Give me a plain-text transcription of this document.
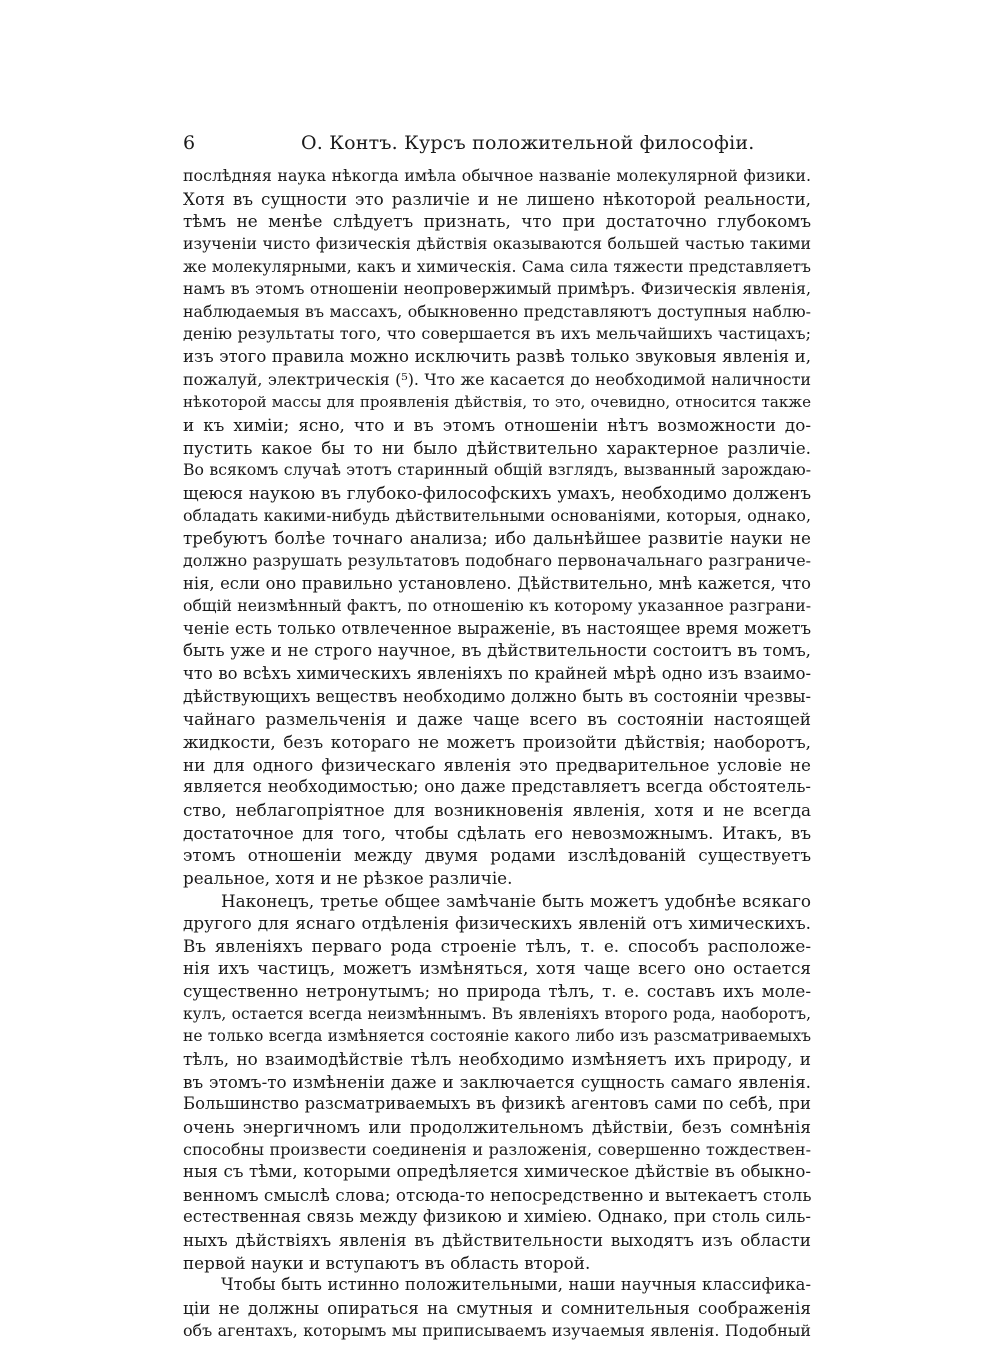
6	О. Контъ. Курсъ положительной философіи.
послѣдняя наука нѣкогда имѣла обычное названіе молекулярной физики.
Хотя въ сущности это различіе и не лишено нѣкоторой реальности,
тѣмъ не менѣе слѣдуетъ признать, что при достаточно глубокомъ
изученіи чисто физическія дѣйствія оказываются большей частью такими
же молекулярными, какъ и химическія. Сама сила тяжести представляетъ
намъ въ этомъ отношеніи неопровержимый примѣръ. Физическія явленія,
наблюдаемыя въ массахъ, обыкновенно представляютъ доступныя наблю-
денію результаты того, что совершается въ ихъ мельчайшихъ частицахъ;
изъ этого правила можно исключить развѣ только звуковыя явленія и,
пожалуй, электрическія (⁵). Что же касается до необходимой наличности
нѣкоторой массы для проявленія дѣйствія, то это, очевидно, относится также
и къ химіи; ясно, что и въ этомъ отношеніи нѣтъ возможности до-
пустить какое бы то ни было дѣйствительно характерное различіе.
Во всякомъ случаѣ этотъ старинный общій взглядъ, вызванный зарождаю-
щеюся наукою въ глубоко-философскихъ умахъ, необходимо долженъ
обладать какими-нибудь дѣйствительными основаніями, которыя, однако,
требуютъ болѣе точнаго анализа; ибо дальнѣйшее развитіе науки не
должно разрушать результатовъ подобнаго первоначальнаго разграниче-
нія, если оно правильно установлено. Дѣйствительно, мнѣ кажется, что
общій неизмѣнный фактъ, по отношенію къ которому указанное разграни-
ченіе есть только отвлеченное выраженіе, въ настоящее время можетъ
быть уже и не строго научное, въ дѣйствительности состоитъ въ томъ,
что во всѣхъ химическихъ явленіяхъ по крайней мѣрѣ одно изъ взаимо-
дѣйствующихъ веществъ необходимо должно быть въ состояніи чрезвы-
чайнаго размельченія и даже чаще всего въ состояніи настоящей
жидкости, безъ котораго не можетъ произойти дѣйствія; наоборотъ,
ни для одного физическаго явленія это предварительное условіе не
является необходимостью; оно даже представляетъ всегда обстоятель-
ство, неблагопріятное для возникновенія явленія, хотя и не всегда
достаточное для того, чтобы сдѣлать его невозможнымъ. Итакъ, въ
этомъ отношеніи между двумя родами изслѣдованій существуетъ
реальное, хотя и не рѣзкое различіе.
Наконецъ, третье общее замѣчаніе быть можетъ удобнѣе всякаго
другого для яснаго отдѣленія физическихъ явленій отъ химическихъ.
Въ явленіяхъ перваго рода строеніе тѣлъ, т. е. способъ расположе-
нія ихъ частицъ, можетъ измѣняться, хотя чаще всего оно остается
существенно нетронутымъ; но природа тѣлъ, т. е. составъ ихъ моле-
кулъ, остается всегда неизмѣннымъ. Въ явленіяхъ второго рода, наоборотъ,
не только всегда измѣняется состояніе какого либо изъ разсматриваемыхъ
тѣлъ, но взаимодѣйствіе тѣлъ необходимо измѣняетъ ихъ природу, и
въ этомъ-то измѣненіи даже и заключается сущность самаго явленія.
Большинство разсматриваемыхъ въ физикѣ агентовъ сами по себѣ, при
очень энергичномъ или продолжительномъ дѣйствіи, безъ сомнѣнія
способны произвести соединенія и разложенія, совершенно тождествен-
ныя съ тѣми, которыми опредѣляется химическое дѣйствіе въ обыкно-
венномъ смыслѣ слова; отсюда-то непосредственно и вытекаетъ столь
естественная связь между физикою и химіею. Однако, при столь силь-
ныхъ дѣйствіяхъ явленія въ дѣйствительности выходятъ изъ области
первой науки и вступаютъ въ область второй.
Чтобы быть истинно положительными, наши научныя классифика-
ціи не должны опираться на смутныя и сомнительныя соображенія
объ агентахъ, которымъ мы приписываемъ изучаемыя явленія. Подобный
